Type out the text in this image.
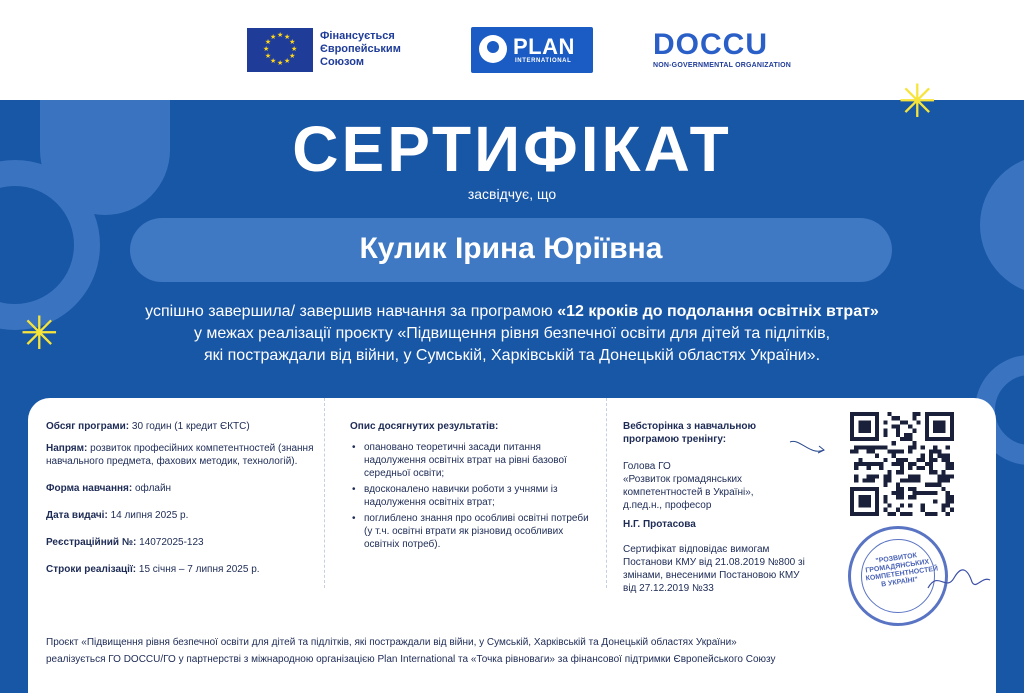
★
★
★
★
★
★
★
★
★ ★ ★
★
Фінансується
Європейським
Союзом
PLAN
INTERNATIONAL	DOCCU
NON-GOVERNMENTAL ORGANIZATION
✳
✳
СЕРТИФІКАТ
засвідчує, що
Кулик Ірина Юріївна
успішно завершила/ завершив навчання за програмою «12 кроків до подолання освітніх втрат»
у межах реалізації проєкту «Підвищення рівня безпечної освіти для дітей та підлітків,
які постраждали від війни, у Сумській, Харківській та Донецькій областях України».

Обсяг програми: 30 годин (1 кредит ЄКТС)

Напрям: розвиток професійних компетентностей (знання навчального предмета, фахових методик, технологій).

Форма навчання: офлайн

Дата видачі: 14 липня 2025 р.

Реєстраційний №: 14072025-123

Строки реалізації: 15 січня – 7 липня 2025 р.

Опис досягнутих результатів:
• опановано теоретичні засади питання надолуження освітніх втрат на рівні базової середньої освіти;
• вдосконалено навички роботи з учнями із надолуження освітніх втрат;
• поглиблено знання про особливі освітні потреби (у т.ч. освітні втрати як різновид особливих освітніх потреб).

Вебсторінка з навчальною програмою тренінгу:

Голова ГО
«Розвиток громадянських компетентностей в Україні»,
д.пед.н., професор
Н.Г. Протасова
Сертифікат відповідає вимогам Постанови КМУ від 21.08.2019 №800 зі змінами, внесеними Постановою КМУ від 27.12.2019 №33
"РОЗВИТОК ГРОМАДЯНСЬКИХ КОМПЕТЕНТНОСТЕЙ В УКРАЇНІ"
Проєкт «Підвищення рівня безпечної освіти для дітей та підлітків, які постраждали від війни, у Сумській, Харківській та Донецькій областях України»
реалізується ГО DOCCU/ГО у партнерстві з міжнародною організацією Plan International та «Точка рівноваги» за фінансової підтримки Європейського Союзу
